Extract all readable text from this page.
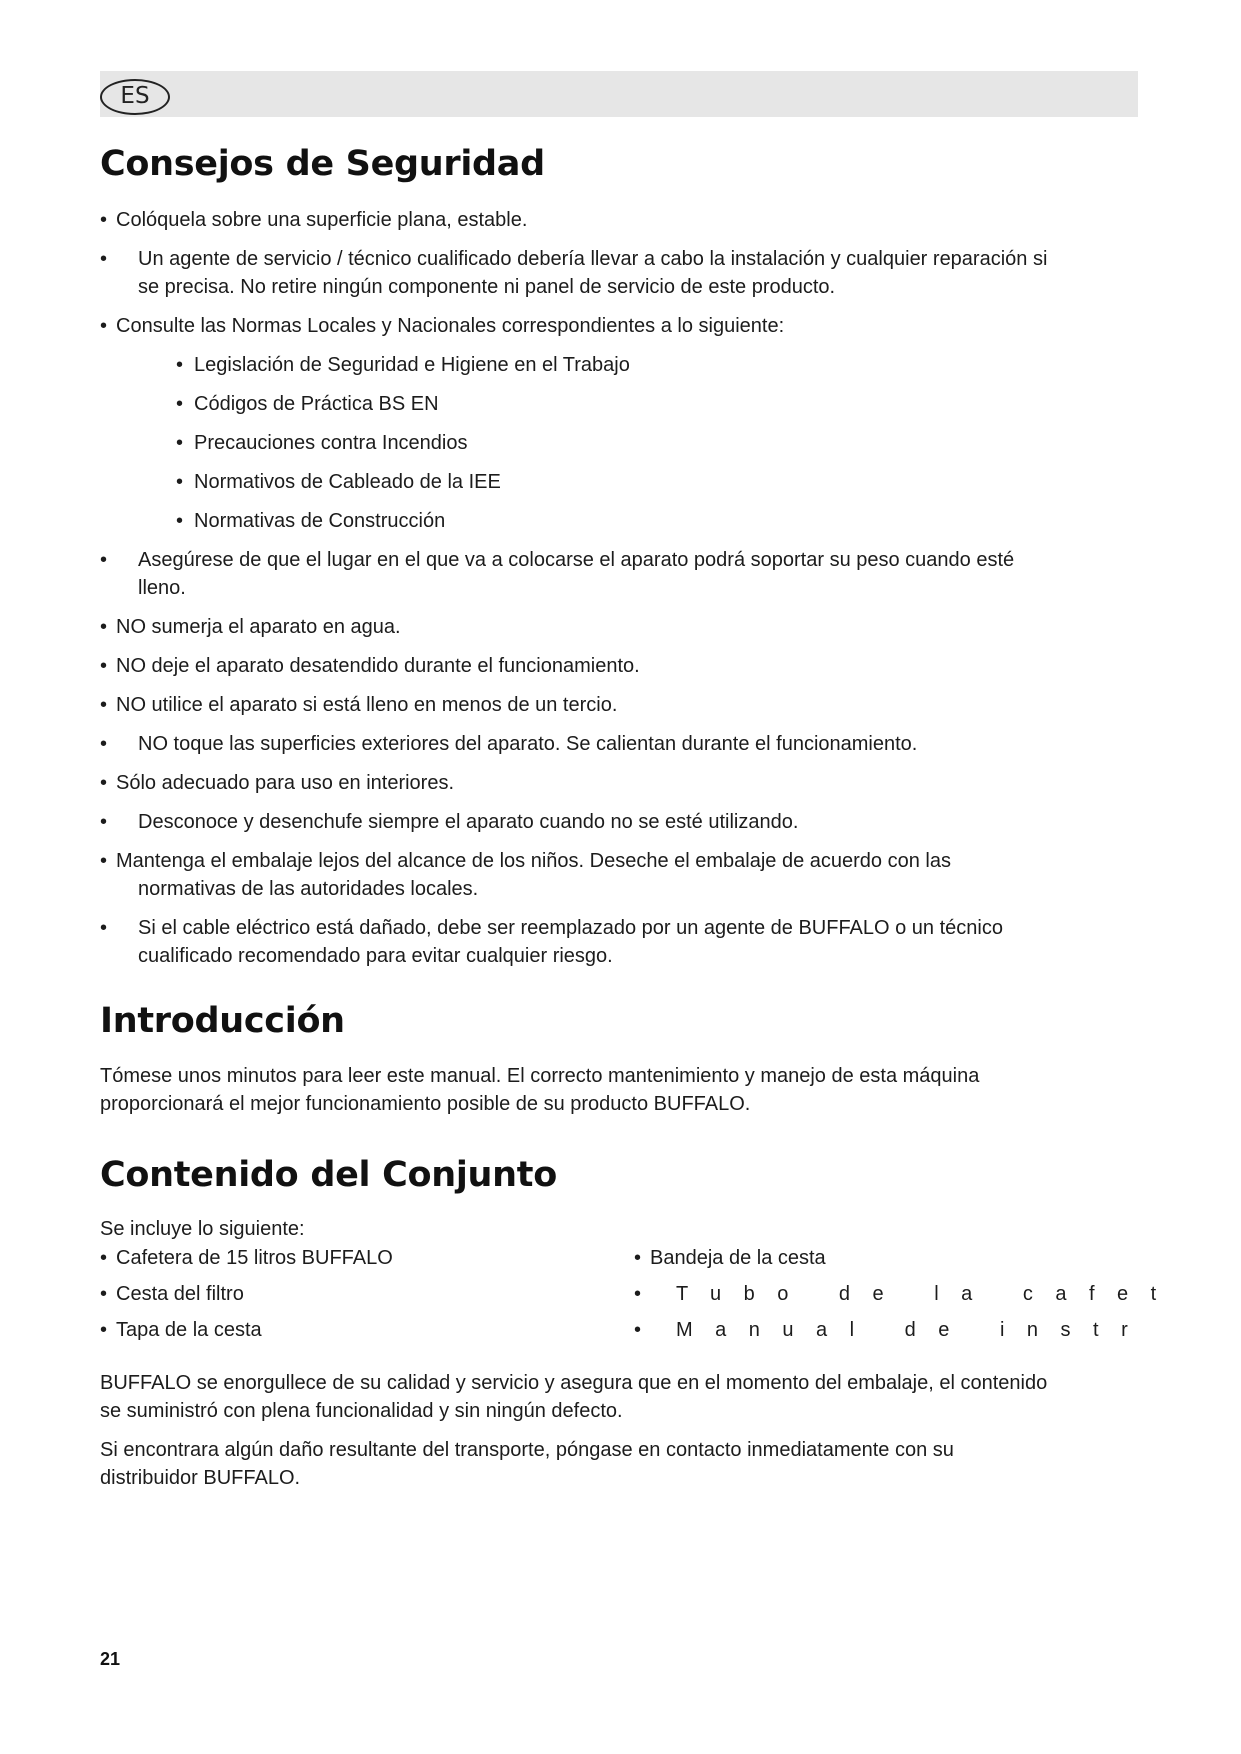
ES
Consejos de Seguridad
• Colóquela sobre una superficie plana, estable.
• Un agente de servicio / técnico cualificado debería llevar a cabo la instalación y cualquier reparación si
se precisa. No retire ningún componente ni panel de servicio de este producto.
• Consulte las Normas Locales y Nacionales correspondientes a lo siguiente:
• Legislación de Seguridad e Higiene en el Trabajo
• Códigos de Práctica BS EN
• Precauciones contra Incendios
• Normativos de Cableado de la IEE
• Normativas de Construcción
• Asegúrese de que el lugar en el que va a colocarse el aparato podrá soportar su peso cuando esté
lleno.
• NO sumerja el aparato en agua.
• NO deje el aparato desatendido durante el funcionamiento.
• NO utilice el aparato si está lleno en menos de un tercio.
• NO toque las superficies exteriores del aparato. Se calientan durante el funcionamiento.
• Sólo adecuado para uso en interiores.
• Desconoce y desenchufe siempre el aparato cuando no se esté utilizando.
• Mantenga el embalaje lejos del alcance de los niños. Deseche el embalaje de acuerdo con las
normativas de las autoridades locales.
• Si el cable eléctrico está dañado, debe ser reemplazado por un agente de BUFFALO o un técnico
cualificado recomendado para evitar cualquier riesgo.
Introducción
Tómese unos minutos para leer este manual. El correcto mantenimiento y manejo de esta máquina
proporcionará el mejor funcionamiento posible de su producto BUFFALO.
Contenido del Conjunto
Se incluye lo siguiente:
• Cafetera de 15 litros BUFFALO
• Cesta del filtro
• Tapa de la cesta
• Bandeja de la cesta
• Tubo de la cafet
• Manual de instr
BUFFALO se enorgullece de su calidad y servicio y asegura que en el momento del embalaje, el contenido
se suministró con plena funcionalidad y sin ningún defecto.
Si encontrara algún daño resultante del transporte, póngase en contacto inmediatamente con su
distribuidor BUFFALO.
21
